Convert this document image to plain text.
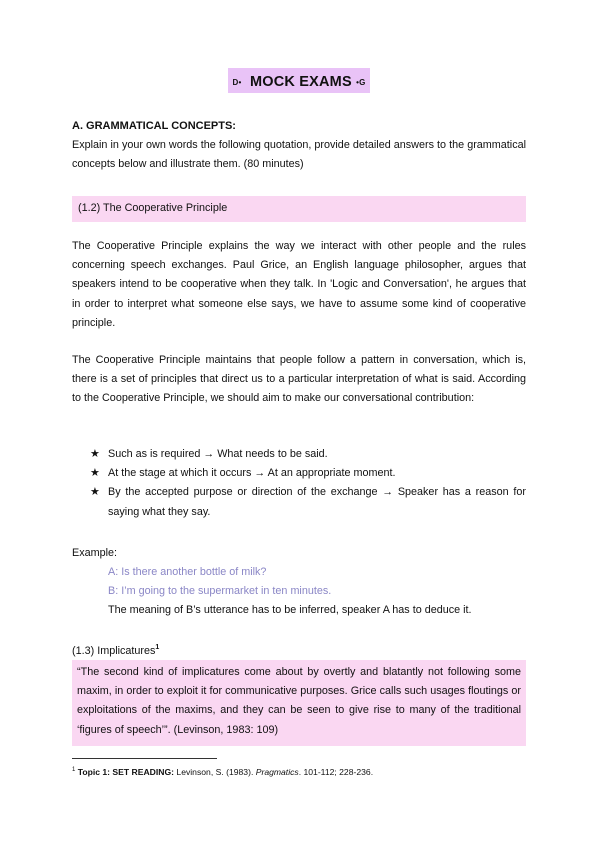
D• MOCK EXAMS •G
A. GRAMMATICAL CONCEPTS:
Explain in your own words the following quotation, provide detailed answers to the grammatical concepts below and illustrate them. (80 minutes)
(1.2) The Cooperative Principle
The Cooperative Principle explains the way we interact with other people and the rules concerning speech exchanges. Paul Grice, an English language philosopher, argues that speakers intend to be cooperative when they talk. In 'Logic and Conversation', he argues that in order to interpret what someone else says, we have to assume some kind of cooperative principle.
The Cooperative Principle maintains that people follow a pattern in conversation, which is, there is a set of principles that direct us to a particular interpretation of what is said. According to the Cooperative Principle, we should aim to make our conversational contribution:
★ Such as is required → What needs to be said.
★ At the stage at which it occurs → At an appropriate moment.
★ By the accepted purpose or direction of the exchange → Speaker has a reason for saying what they say.
Example:
A: Is there another bottle of milk?
B: I’m going to the supermarket in ten minutes.
The meaning of B’s utterance has to be inferred, speaker A has to deduce it.
(1.3) Implicatures$^1$
“The second kind of implicatures come about by overtly and blatantly not following some maxim, in order to exploit it for communicative purposes. Grice calls such usages floutings or exploitations of the maxims, and they can be seen to give rise to many of the traditional ‘figures of speech’”. (Levinson, 1983: 109)
$^1$ Topic 1: SET READING: Levinson, S. (1983). Pragmatics. 101-112; 228-236.
